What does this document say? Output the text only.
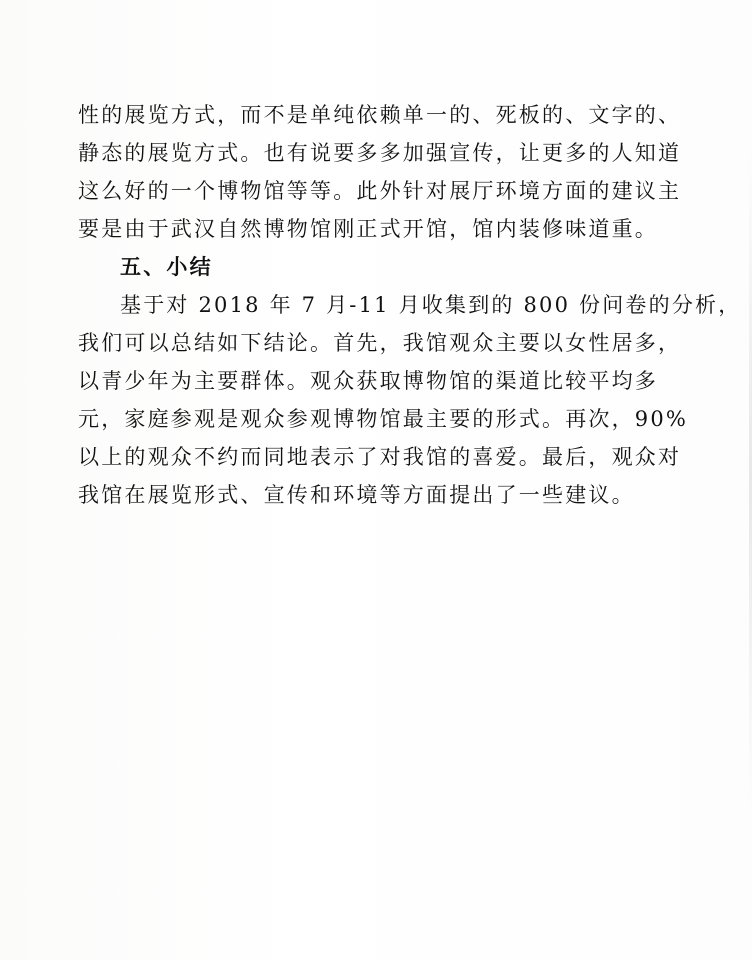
性的展览方式，而不是单纯依赖单一的、死板的、文字的、
静态的展览方式。也有说要多多加强宣传，让更多的人知道
这么好的一个博物馆等等。此外针对展厅环境方面的建议主
要是由于武汉自然博物馆刚正式开馆，馆内装修味道重。
五、小结
基于对 2018 年 7 月-11 月收集到的 800 份问卷的分析，
我们可以总结如下结论。首先，我馆观众主要以女性居多，
以青少年为主要群体。观众获取博物馆的渠道比较平均多
元，家庭参观是观众参观博物馆最主要的形式。再次，90%
以上的观众不约而同地表示了对我馆的喜爱。最后，观众对
我馆在展览形式、宣传和环境等方面提出了一些建议。
